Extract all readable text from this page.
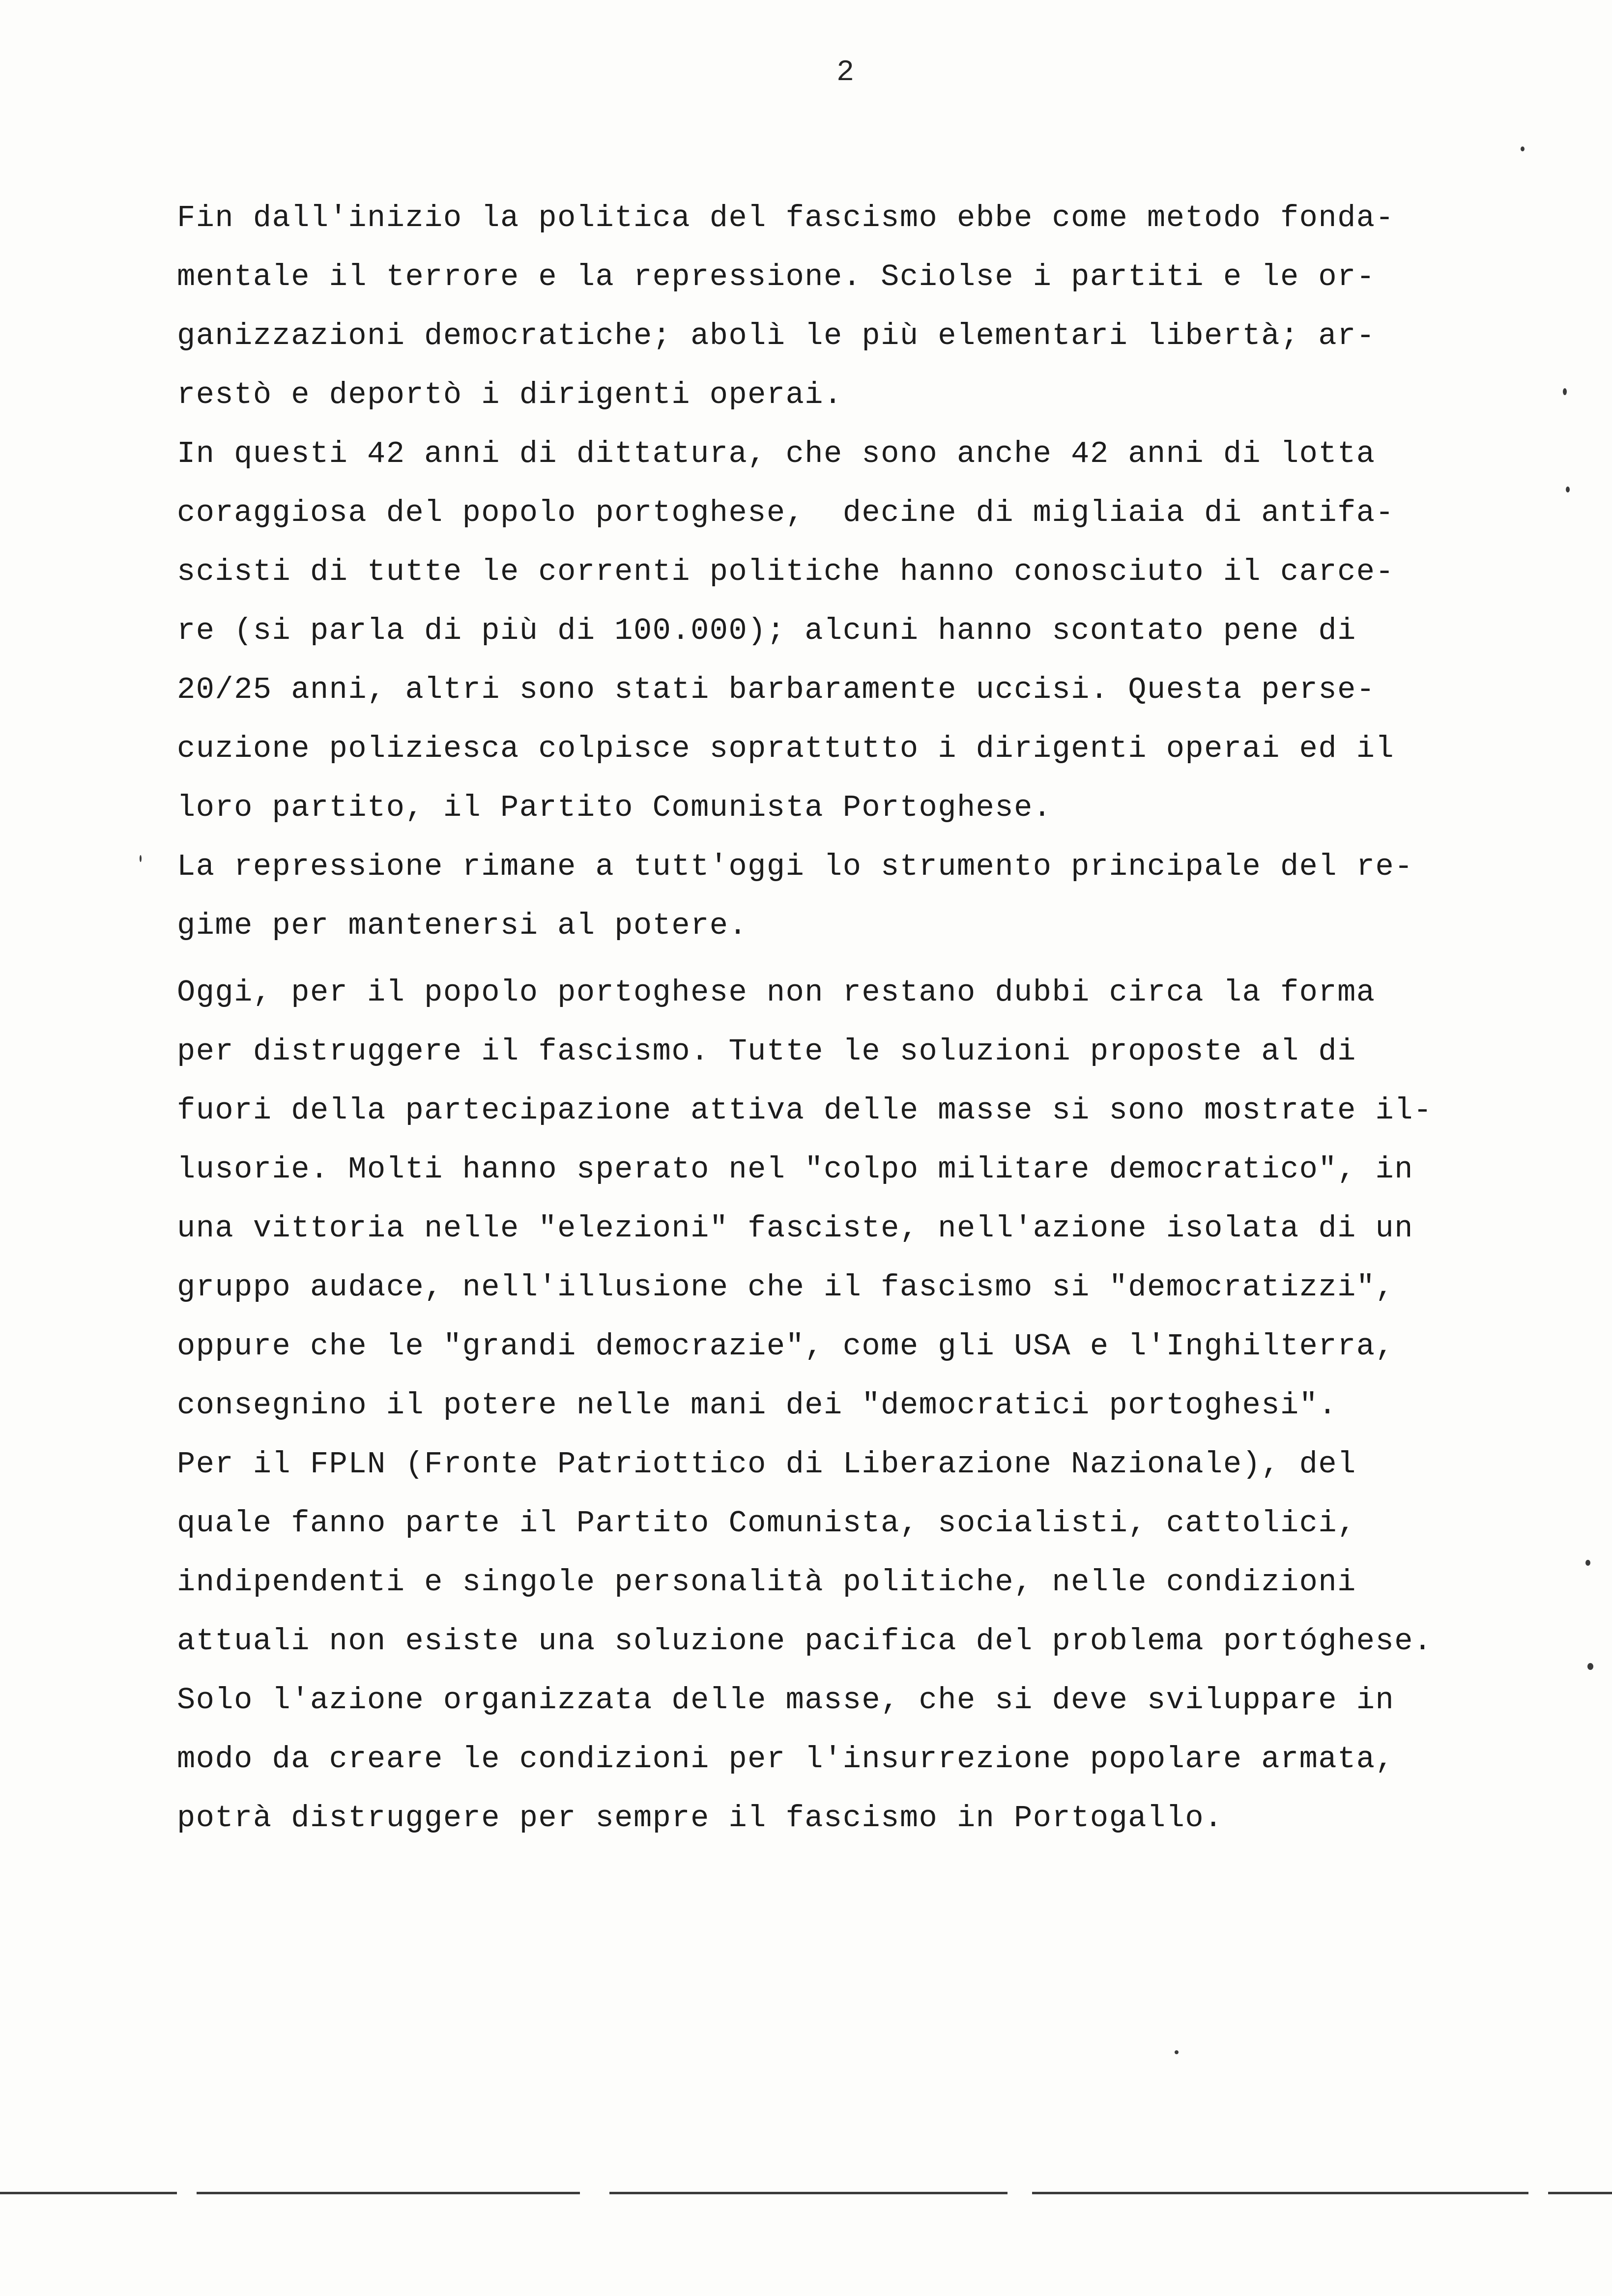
2
Fin dall'inizio la politica del fascismo ebbe come metodo fonda-
mentale il terrore e la repressione. Sciolse i partiti e le or-
ganizzazioni democratiche; abolì le più elementari libertà; ar-
restò e deportò i dirigenti operai.
In questi 42 anni di dittatura, che sono anche 42 anni di lotta
coraggiosa del popolo portoghese,  decine di migliaia di antifa-
scisti di tutte le correnti politiche hanno conosciuto il carce-
re (si parla di più di 100.000); alcuni hanno scontato pene di
20/25 anni, altri sono stati barbaramente uccisi. Questa perse-
cuzione poliziesca colpisce soprattutto i dirigenti operai ed il
loro partito, il Partito Comunista Portoghese.
La repressione rimane a tutt'oggi lo strumento principale del re-
gime per mantenersi al potere.
Oggi, per il popolo portoghese non restano dubbi circa la forma
per distruggere il fascismo. Tutte le soluzioni proposte al di
fuori della partecipazione attiva delle masse si sono mostrate il-
lusorie. Molti hanno sperato nel "colpo militare democratico", in
una vittoria nelle "elezioni" fasciste, nell'azione isolata di un
gruppo audace, nell'illusione che il fascismo si "democratizzi",
oppure che le "grandi democrazie", come gli USA e l'Inghilterra,
consegnino il potere nelle mani dei "democratici portoghesi".
Per il FPLN (Fronte Patriottico di Liberazione Nazionale), del
quale fanno parte il Partito Comunista, socialisti, cattolici,
indipendenti e singole personalità politiche, nelle condizioni
attuali non esiste una soluzione pacifica del problema portóghese.
Solo l'azione organizzata delle masse, che si deve sviluppare in
modo da creare le condizioni per l'insurrezione popolare armata,
potrà distruggere per sempre il fascismo in Portogallo.
